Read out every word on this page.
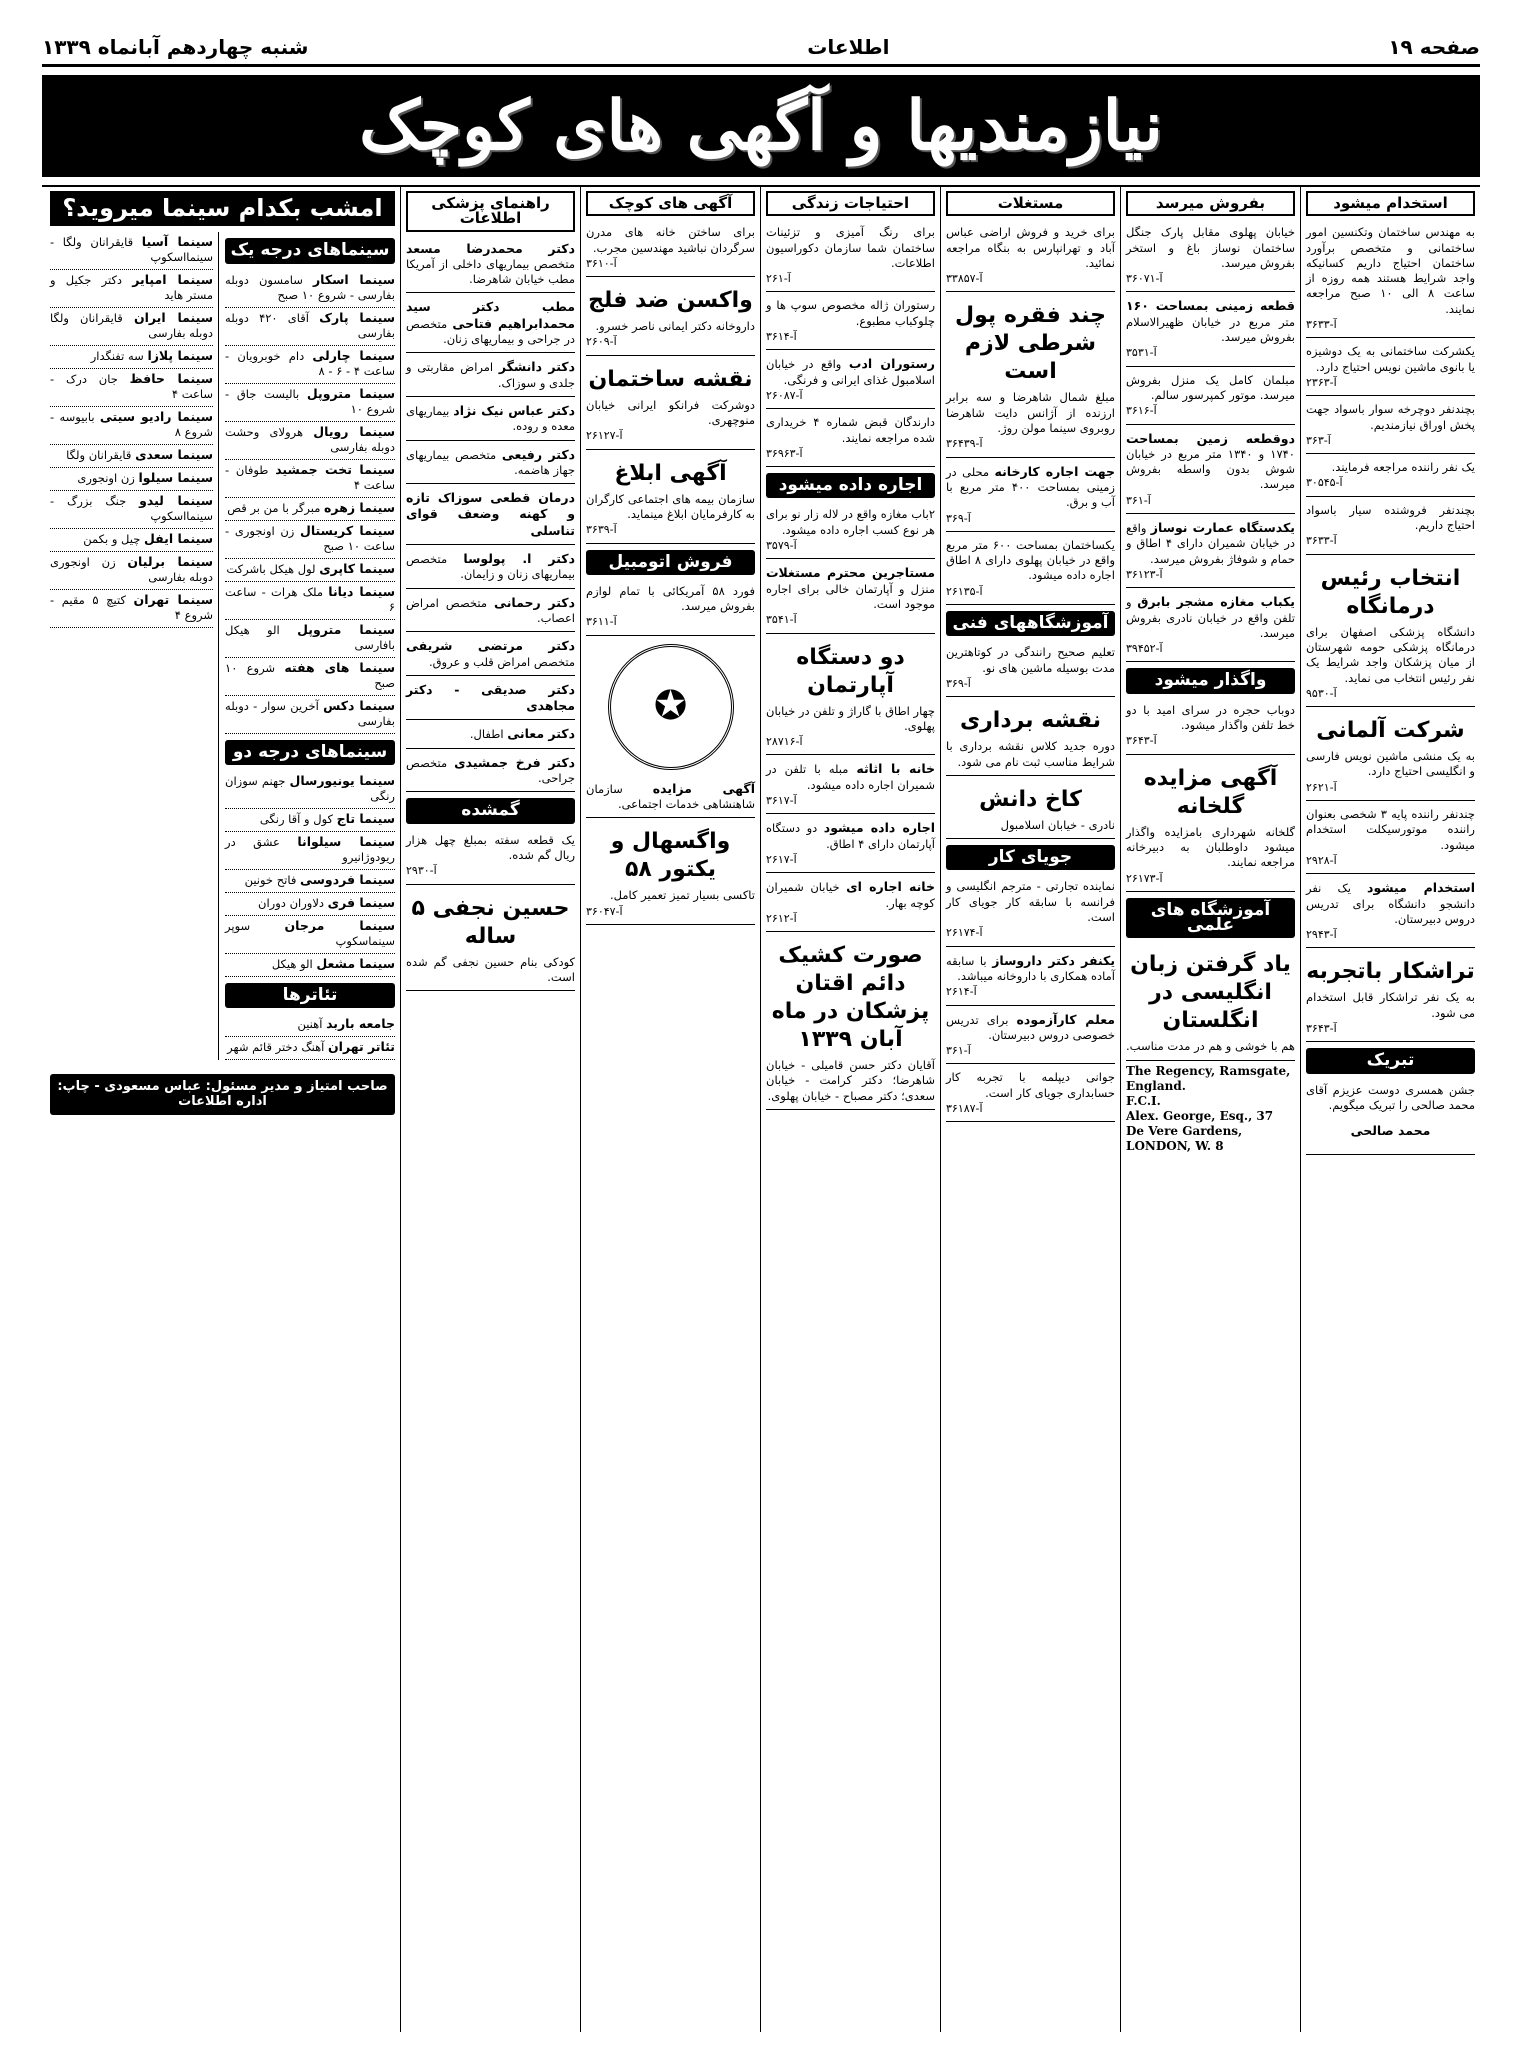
صفحه ۱۹
اطلاعات
شنبه چهاردهم آبانماه ۱۳۳۹
نیازمندیها و آگهی های کوچک
استخدام میشود
به مهندس ساختمان وتکنسین امور ساختمانی و متخصص برآورد ساختمان احتیاج داریم کسانیکه واجد شرایط هستند همه روزه از ساعت ۸ الی ۱۰ صبح مراجعه نمایند.
آ-۳۶۳۳
یکشرکت ساختمانی به یک دوشیزه یا بانوی ماشین نویس احتیاج دارد.
آ-۲۳۶۳
بچندنفر دوچرخه سوار باسواد جهت پخش اوراق نیازمندیم.
آ-۳۶۳
یک نفر راننده مراجعه فرمایند.
آ-۳۰۵۴۵
بچندنفر فروشنده سیار باسواد احتیاج داریم.
آ-۳۶۳۳
انتخاب رئیس درمانگاه
دانشگاه پزشکی اصفهان برای درمانگاه پزشکی حومه شهرستان از میان پزشکان واجد شرایط یک نفر رئیس انتخاب می نماید.
آ-۹۵۳۰
شرکت آلمانی
به یک منشی ماشین نویس فارسی و انگلیسی احتیاج دارد.
آ-۲۶۲۱
چندنفر راننده پایه ۳ شخصی بعنوان راننده موتورسیکلت استخدام میشود.
آ-۲۹۲۸
استخدام میشود یک نفر دانشجو دانشگاه برای تدریس دروس دبیرستان.
آ-۲۹۴۳
تراشکار باتجربه
به یک نفر تراشکار قابل استخدام می شود.
آ-۳۶۴۳
تبریک
جشن همسری دوست عزیزم آقای محمد صالحی را تبریک میگویم.
محمد صالحی
بفروش میرسد
خیابان پهلوی مقابل پارک جنگل ساختمان نوساز باغ و استخر بفروش میرسد.
آ-۳۶۰۷۱
قطعه زمینی بمساحت ۱۶۰ متر مربع در خیابان ظهیرالاسلام بفروش میرسد.
آ-۳۵۳۱
مبلمان کامل یک منزل بفروش میرسد. موتور کمپرسور سالم.
آ-۳۶۱۶
دوقطعه زمین بمساحت ۱۷۴۰ و ۱۳۴۰ متر مربع در خیابان شوش بدون واسطه بفروش میرسد.
آ-۳۶۱
یکدستگاه عمارت نوساز واقع در خیابان شمیران دارای ۴ اطاق و حمام و شوفاژ بفروش میرسد.
آ-۳۶۱۲۳
یکباب مغازه مشجر بابرق و تلفن واقع در خیابان نادری بفروش میرسد.
آ-۳۹۴۵۲
واگذار میشود
دوباب حجره در سرای امید با دو خط تلفن واگذار میشود.
آ-۳۶۴۳
آگهی مزایده گلخانه
گلخانه شهرداری بامزایده واگذار میشود داوطلبان به دبیرخانه مراجعه نمایند.
آ-۲۶۱۷۳
آموزشگاه های علمی
یاد گرفتن زبان انگلیسی در انگلستان
هم با خوشی و هم در مدت مناسب.
The Regency, Ramsgate, England.
F.C.I.
Alex. George, Esq., 37 De Vere Gardens, LONDON, W. 8
مستغلات
برای خرید و فروش اراضی عباس آباد و تهرانپارس به بنگاه مراجعه نمائید.
آ-۳۳۸۵۷
چند فقره پول شرطی لازم است
مبلغ شمال شاهرضا و سه برابر ارزنده از آژانس دایت شاهرضا روبروی سینما مولن روژ.
آ-۳۶۴۳۹
جهت اجاره کارخانه محلی در زمینی بمساحت ۴۰۰ متر مربع با آب و برق.
آ-۳۶۹
یکساختمان بمساحت ۶۰۰ متر مربع واقع در خیابان پهلوی دارای ۸ اطاق اجاره داده میشود.
آ-۲۶۱۳۵
آموزشگاههای فنی
تعلیم صحیح رانندگی در کوتاهترین مدت بوسیله ماشین های نو.
آ-۳۶۹
نقشه برداری
دوره جدید کلاس نقشه برداری با شرایط مناسب ثبت نام می شود.
کاخ دانش
نادری - خیابان اسلامبول
جویای کار
نماینده تجارتی - مترجم انگلیسی و فرانسه با سابقه کار جویای کار است.
آ-۲۶۱۷۴
یکنفر دکتر داروساز با سابقه آماده همکاری با داروخانه میباشد.
آ-۲۶۱۴
معلم کارآزموده برای تدریس خصوصی دروس دبیرستان.
آ-۳۶۱
جوانی دیپلمه با تجربه کار حسابداری جویای کار است.
آ-۳۶۱۸۷
احتیاجات زندگی
برای رنگ آمیزی و تزئینات ساختمان شما سازمان دکوراسیون اطلاعات.
آ-۲۶۱
رستوران ژاله مخصوص سوپ ها و چلوکباب مطبوع.
آ-۳۶۱۴
رستوران ادب واقع در خیابان اسلامبول غذای ایرانی و فرنگی.
آ-۲۶۰۸۷
دارندگان قبض شماره ۴ خریداری شده مراجعه نمایند.
آ-۳۶۹۶۳
اجاره داده میشود
۲باب مغازه واقع در لاله زار نو برای هر نوع کسب اجاره داده میشود.
آ-۳۵۷۹
مستاجرین محترم مستغلات منزل و آپارتمان خالی برای اجاره موجود است.
آ-۳۵۴۱
دو دستگاه آپارتمان
چهار اطاق با گاراژ و تلفن در خیابان پهلوی.
آ-۲۸۷۱۶
خانه با اثاثه مبله با تلفن در شمیران اجاره داده میشود.
آ-۳۶۱۷
اجاره داده میشود دو دستگاه آپارتمان دارای ۴ اطاق.
آ-۲۶۱۷
خانه اجاره ای خیابان شمیران کوچه بهار.
آ-۲۶۱۲
صورت کشیک دائم اقتان پزشکان در ماه آبان ۱۳۳۹
آقایان دکتر حسن قامیلی - خیابان شاهرضا؛ دکتر کرامت - خیابان سعدی؛ دکتر مصباح - خیابان پهلوی.
آگهی های کوچک
برای ساختن خانه های مدرن سرگردان نباشید مهندسین مجرب.
آ-۳۶۱۰
واکسن ضد فلج
داروخانه دکتر ایمانی ناصر خسرو.
آ-۲۶۰۹
نقشه ساختمان
دوشرکت فرانکو ایرانی خیابان منوچهری.
آ-۲۶۱۲۷
آگهی ابلاغ
سازمان بیمه های اجتماعی کارگران به کارفرمایان ابلاغ مینماید.
آ-۳۶۳۹
فروش اتومبیل
فورد ۵۸ آمریکائی با تمام لوازم بفروش میرسد.
آ-۳۶۱۱
✪
آگهی مزایده سازمان شاهنشاهی خدمات اجتماعی.
واگسهال و یکتور ۵۸
تاکسی بسیار تمیز تعمیر کامل.
آ-۳۶۰۴۷
راهنمای پزشکی اطلاعات
دکتر محمدرضا مسعد متخصص بیماریهای داخلی از آمریکا مطب خیابان شاهرضا.
مطب دکتر سید محمدابراهیم فتاحی متخصص در جراحی و بیماریهای زنان.
دکتر دانشگر امراض مقاربتی و جلدی و سوزاک.
دکتر عباس نیک نژاد بیماریهای معده و روده.
دکتر رفیعی متخصص بیماریهای جهاز هاضمه.
درمان قطعی سوزاک تازه و کهنه وضعف قوای تناسلی
دکتر ا. پولوسا متخصص بیماریهای زنان و زایمان.
دکتر رحمانی متخصص امراض اعصاب.
دکتر مرتضی شریفی متخصص امراض قلب و عروق.
دکتر صدیقی - دکتر مجاهدی
دکتر معانی اطفال.
دکتر فرخ جمشیدی متخصص جراحی.
گمشده
یک قطعه سفته بمبلغ چهل هزار ریال گم شده.
آ-۲۹۳۰
حسین نجفی ۵ ساله
کودکی بنام حسین نجفی گم شده است.
امشب بکدام سینما میروید؟
سینماهای درجه یک
سینما اسکار سامسون دوبله بفارسی - شروع ۱۰ صبح
سینما پارک آقای ۴۲۰ دوبله بفارسی
سینما چارلی دام خوبرویان - ساعت ۴ - ۶ - ۸
سینما متروپل بالیست جاق - شروع ۱۰
سینما رویال هرولای وحشت دوبله بفارسی
سینما تخت جمشید طوفان - ساعت ۴
سینما زهره مبرگر با من بر قص
سینما کریستال زن اونجوری - ساعت ۱۰ صبح
سینما کاپری لول هیکل باشرکت
سینما دیانا ملک هرات - ساعت ۶
سینما متروپل الو هیکل بافارسی
سینما های هفته شروع ۱۰ صبح
سینما دکس آخرین سوار - دوبله بفارسی
سینماهای درجه دو
سینما یونیورسال جهنم سوزان رنگی
سینما تاج کول و آقا رنگی
سینما سیلوانا عشق در ریودوژانیرو
سینما فردوسی فاتح خونین
سینما فری دلاوران دوران
سینما مرجان سوپر سینماسکوپ
سینما مشعل الو هیکل
تئاترها
جامعه باربد آهنین
تئاتر تهران آهنگ دختر قائم شهر
سینما آسیا قایقرانان ولگا - سینمااسکوپ
سینما امپایر دکتر جکیل و مستر هاید
سینما ایران قایقرانان ولگا دوبله بفارسی
سینما پلازا سه تفنگدار
سینما حافظ جان درک - ساعت ۴
سینما رادیو سیتی بابیوسه - شروع ۸
سینما سعدی قایقرانان ولگا
سینما سیلوا زن اونجوری
سینما لیدو جنگ بزرگ - سینمااسکوپ
سینما ایفل چیل و بکمن
سینما برلیان زن اونجوری دوبله بفارسی
سینما تهران کتیچ ۵ مقیم - شروع ۴
صاحب امتیاز و مدیر مسئول: عباس مسعودی - چاپ: اداره اطلاعات
